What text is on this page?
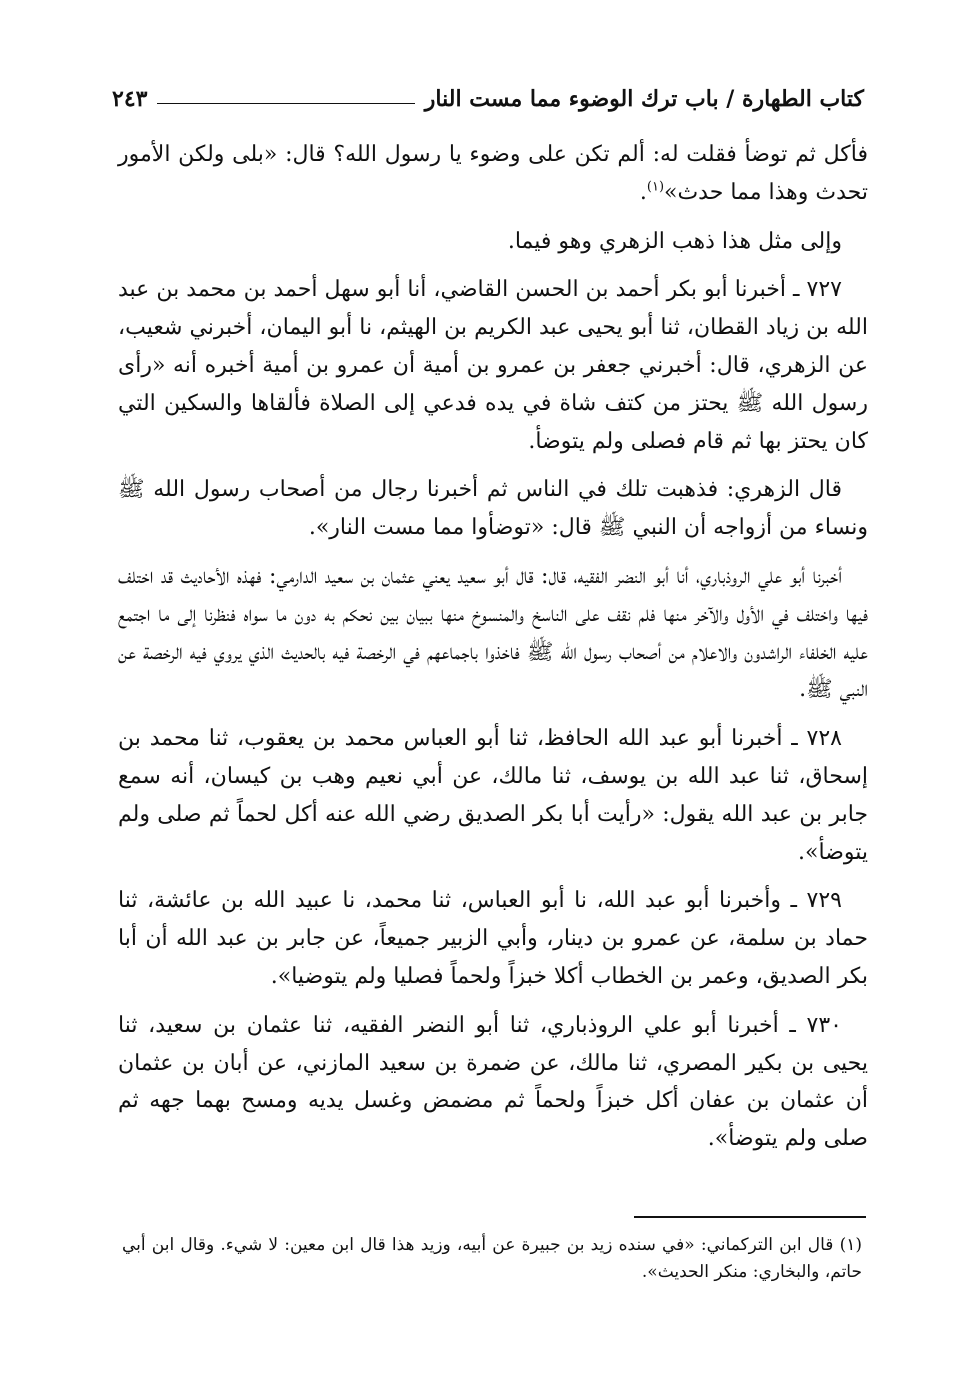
كتاب الطهارة / باب ترك الوضوء مما مست النار
٢٤٣

فأكل ثم توضأ فقلت له: ألم تكن على وضوء يا رسول الله؟ قال: «بلى ولكن الأمور تحدث وهذا مما حدث»$^{(١)}$.

وإلى مثل هذا ذهب الزهري وهو فيما.

٧٢٧ ـ أخبرنا أبو بكر أحمد بن الحسن القاضي، أنا أبو سهل أحمد بن محمد بن عبد الله بن زياد القطان، ثنا أبو يحيى عبد الكريم بن الهيثم، نا أبو اليمان، أخبرني شعيب، عن الزهري، قال: أخبرني جعفر بن عمرو بن أمية أن عمرو بن أمية أخبره أنه «رأى رسول الله ﷺ يحتز من كتف شاة في يده فدعي إلى الصلاة فألقاها والسكين التي كان يحتز بها ثم قام فصلى ولم يتوضأ.

قال الزهري: فذهبت تلك في الناس ثم أخبرنا رجال من أصحاب رسول الله ﷺ ونساء من أزواجه أن النبي ﷺ قال: «توضأوا مما مست النار».

أخبرنا أبو علي الروذباري، أنا أبو النضر الفقيه، قال: قال أبو سعيد يعني عثمان بن سعيد الدارمي: فهذه الأحاديث قد اختلف فيها واختلف في الأول والآخر منها فلم نقف على الناسخ والمنسوخ منها ببيان بين نحكم به دون ما سواه فنظرنا إلى ما اجتمع عليه الخلفاء الراشدون والاعلام من أصحاب رسول الله ﷺ فاخذوا باجماعهم في الرخصة فيه بالحديث الذي يروي فيه الرخصة عن النبي ﷺ.

٧٢٨ ـ أخبرنا أبو عبد الله الحافظ، ثنا أبو العباس محمد بن يعقوب، ثنا محمد بن إسحاق، ثنا عبد الله بن يوسف، ثنا مالك، عن أبي نعيم وهب بن كيسان، أنه سمع جابر بن عبد الله يقول: «رأيت أبا بكر الصديق رضي الله عنه أكل لحماً ثم صلى ولم يتوضأ».

٧٢٩ ـ وأخبرنا أبو عبد الله، نا أبو العباس، ثنا محمد، نا عبيد الله بن عائشة، ثنا حماد بن سلمة، عن عمرو بن دينار، وأبي الزبير جميعاً، عن جابر بن عبد الله أن أبا بكر الصديق، وعمر بن الخطاب أكلا خبزاً ولحماً فصليا ولم يتوضيا».

٧٣٠ ـ أخبرنا أبو علي الروذباري، ثنا أبو النضر الفقيه، ثنا عثمان بن سعيد، ثنا يحيى بن بكير المصري، ثنا مالك، عن ضمرة بن سعيد المازني، عن أبان بن عثمان أن عثمان بن عفان أكل خبزاً ولحماً ثم مضمض وغسل يديه ومسح بهما جهه ثم صلى ولم يتوضأ».

(١) قال ابن التركماني: «في سنده زيد بن جبيرة عن أبيه، وزيد هذا قال ابن معين: لا شيء. وقال ابن أبي حاتم، والبخاري: منكر الحديث».
